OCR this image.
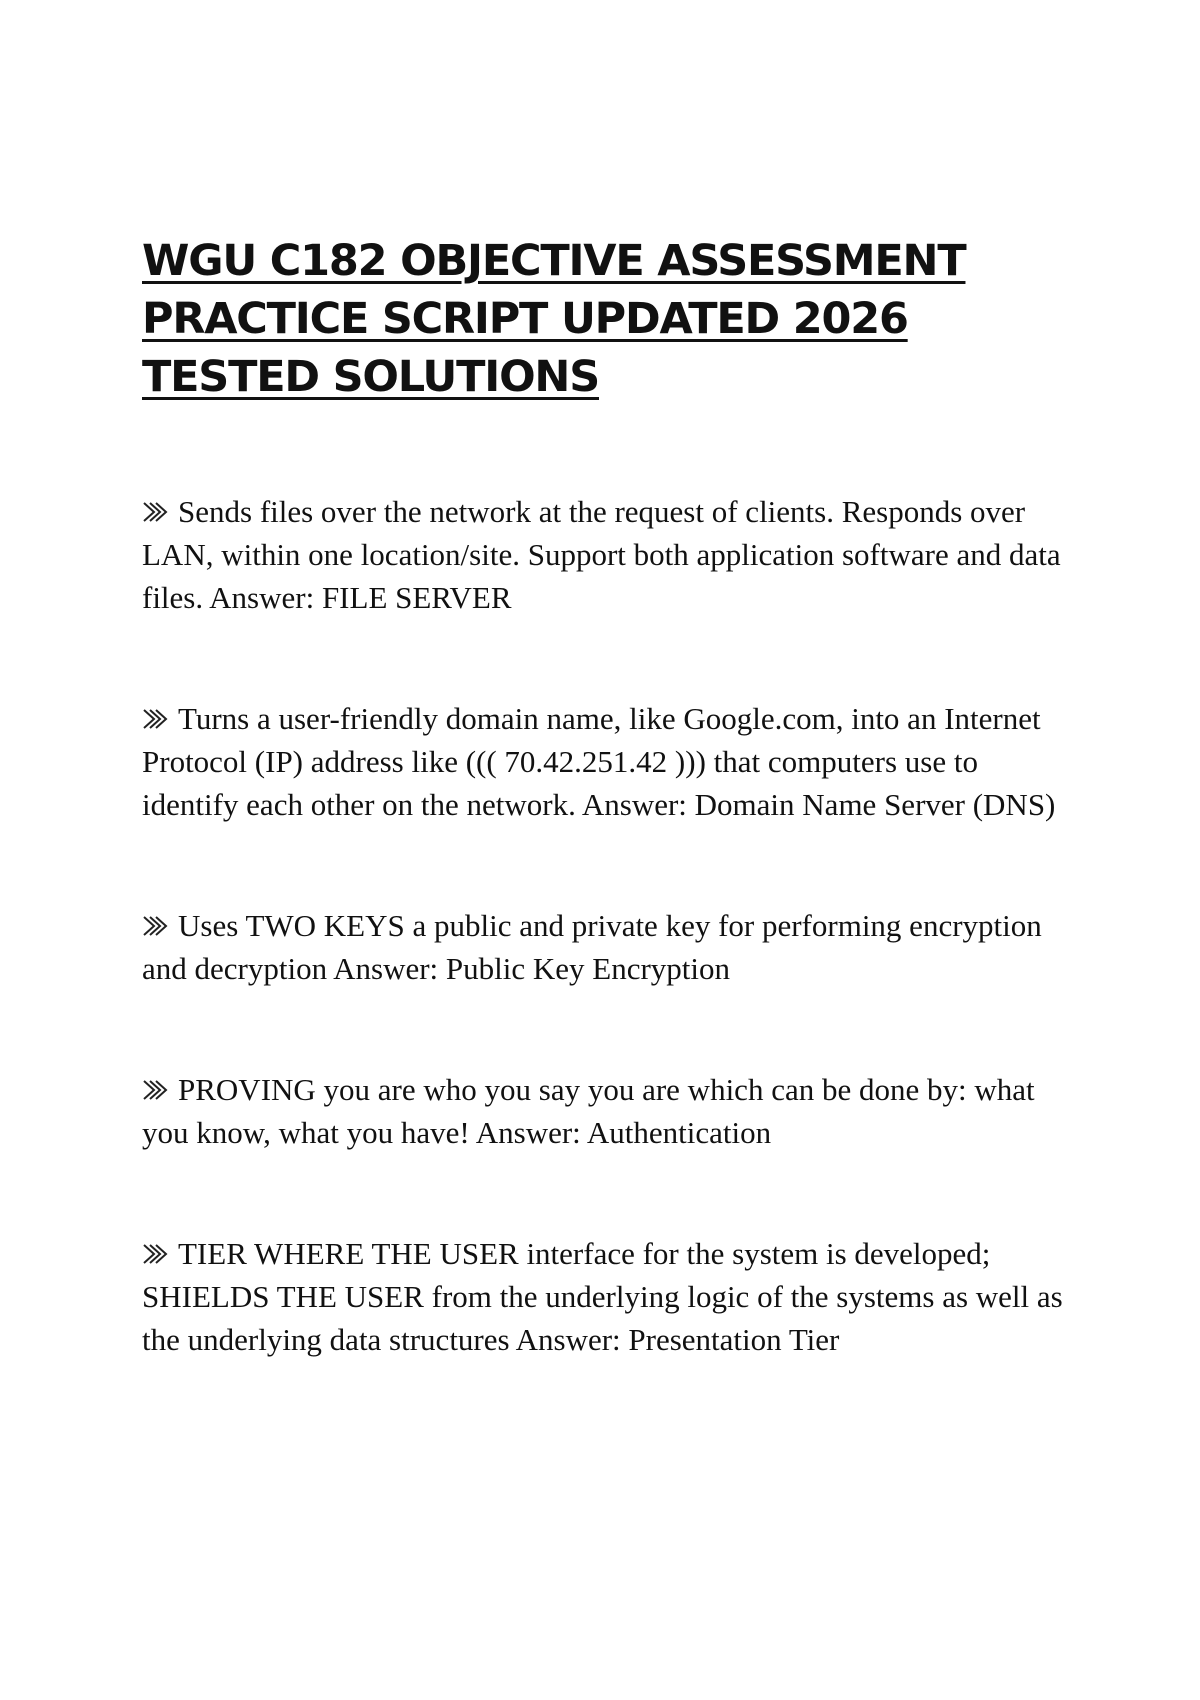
WGU C182 OBJECTIVE ASSESSMENT PRACTICE SCRIPT UPDATED 2026 TESTED SOLUTIONS

Sends files over the network at the request of clients. Responds over LAN, within one location/site. Support both application software and data files. Answer: FILE SERVER

Turns a user-friendly domain name, like Google.com, into an Internet Protocol (IP) address like ((( 70.42.251.42 ))) that computers use to identify each other on the network. Answer: Domain Name Server (DNS)

Uses TWO KEYS a public and private key for performing encryption and decryption Answer: Public Key Encryption

PROVING you are who you say you are which can be done by: what you know, what you have! Answer: Authentication

TIER WHERE THE USER interface for the system is developed; SHIELDS THE USER from the underlying logic of the systems as well as the underlying data structures Answer: Presentation Tier
